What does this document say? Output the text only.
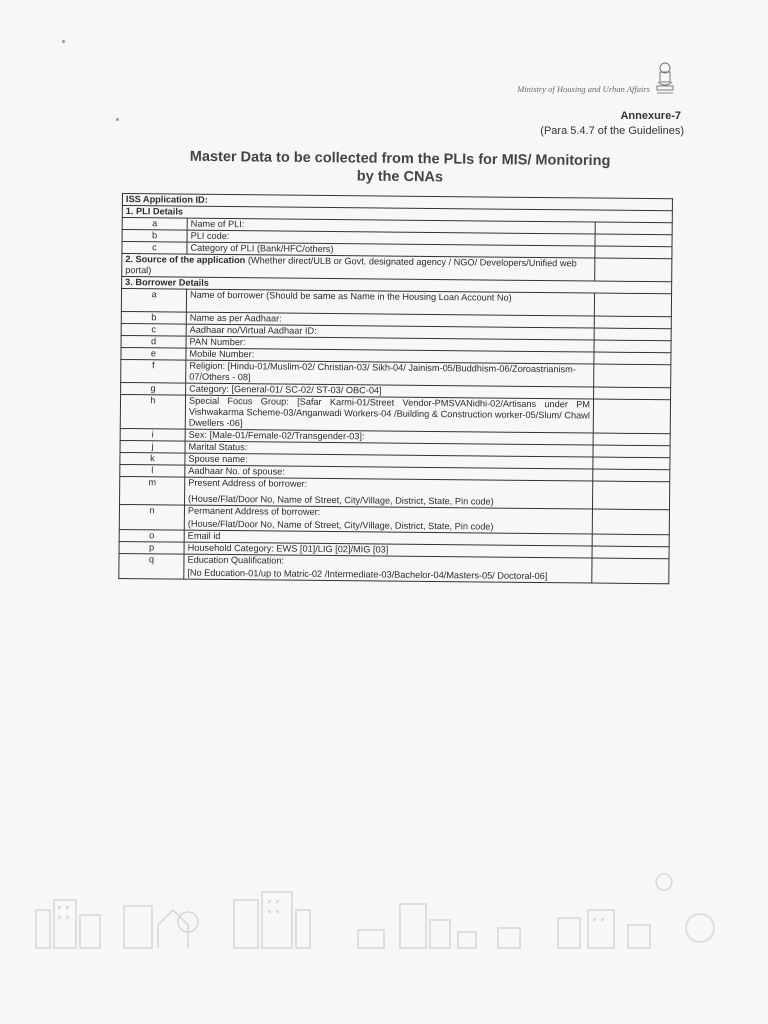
Ministry of Housing and Urban Affairs
Annexure-7
(Para 5.4.7 of the Guidelines)
Master Data to be collected from the PLIs for MIS/ Monitoring
by the CNAs
ISS Application ID:		
1. PLI Details		
a	Name of PLI:	
b	PLI code:	
c	Category of PLI (Bank/HFC/others)	
2. Source of the application (Whether direct/ULB or Govt. designated agency / NGO/ Developers/Unified web portal)		
3. Borrower Details		
a	Name of borrower (Should be same as Name in the Housing Loan Account No)	
b	Name as per Aadhaar:	
c	Aadhaar no/Virtual Aadhaar ID:	
d	PAN Number:	
e	Mobile Number:	
f	Religion: [Hindu-01/Muslim-02/ Christian-03/ Sikh-04/ Jainism-05/Buddhism-06/Zoroastrianism-07/Others - 08]	
g	Category: [General-01/ SC-02/ ST-03/ OBC-04]	
h	Special Focus Group: [Safar Karmi-01/Street Vendor-PMSVANidhi-02/Artisans under PM Vishwakarma Scheme-03/Anganwadi Workers-04 /Building & Construction worker-05/Slum/ Chawl Dwellers -06]	
i	Sex: [Male-01/Female-02/Transgender-03]:	
j	Marital Status:	
k	Spouse name:	
l	Aadhaar No. of spouse:	
m	Present Address of borrower:
(House/Flat/Door No, Name of Street, City/Village, District, State, Pin code)	

n	Permanent Address of borrower:
(House/Flat/Door No, Name of Street, City/Village, District, State, Pin code)	

o	Email id	
p	Household Category: EWS [01]/LIG [02]/MIG [03]	
q	Education Qualification:
[No Education-01/up to Matric-02 /Intermediate-03/Bachelor-04/Masters-05/ Doctoral-06]	
